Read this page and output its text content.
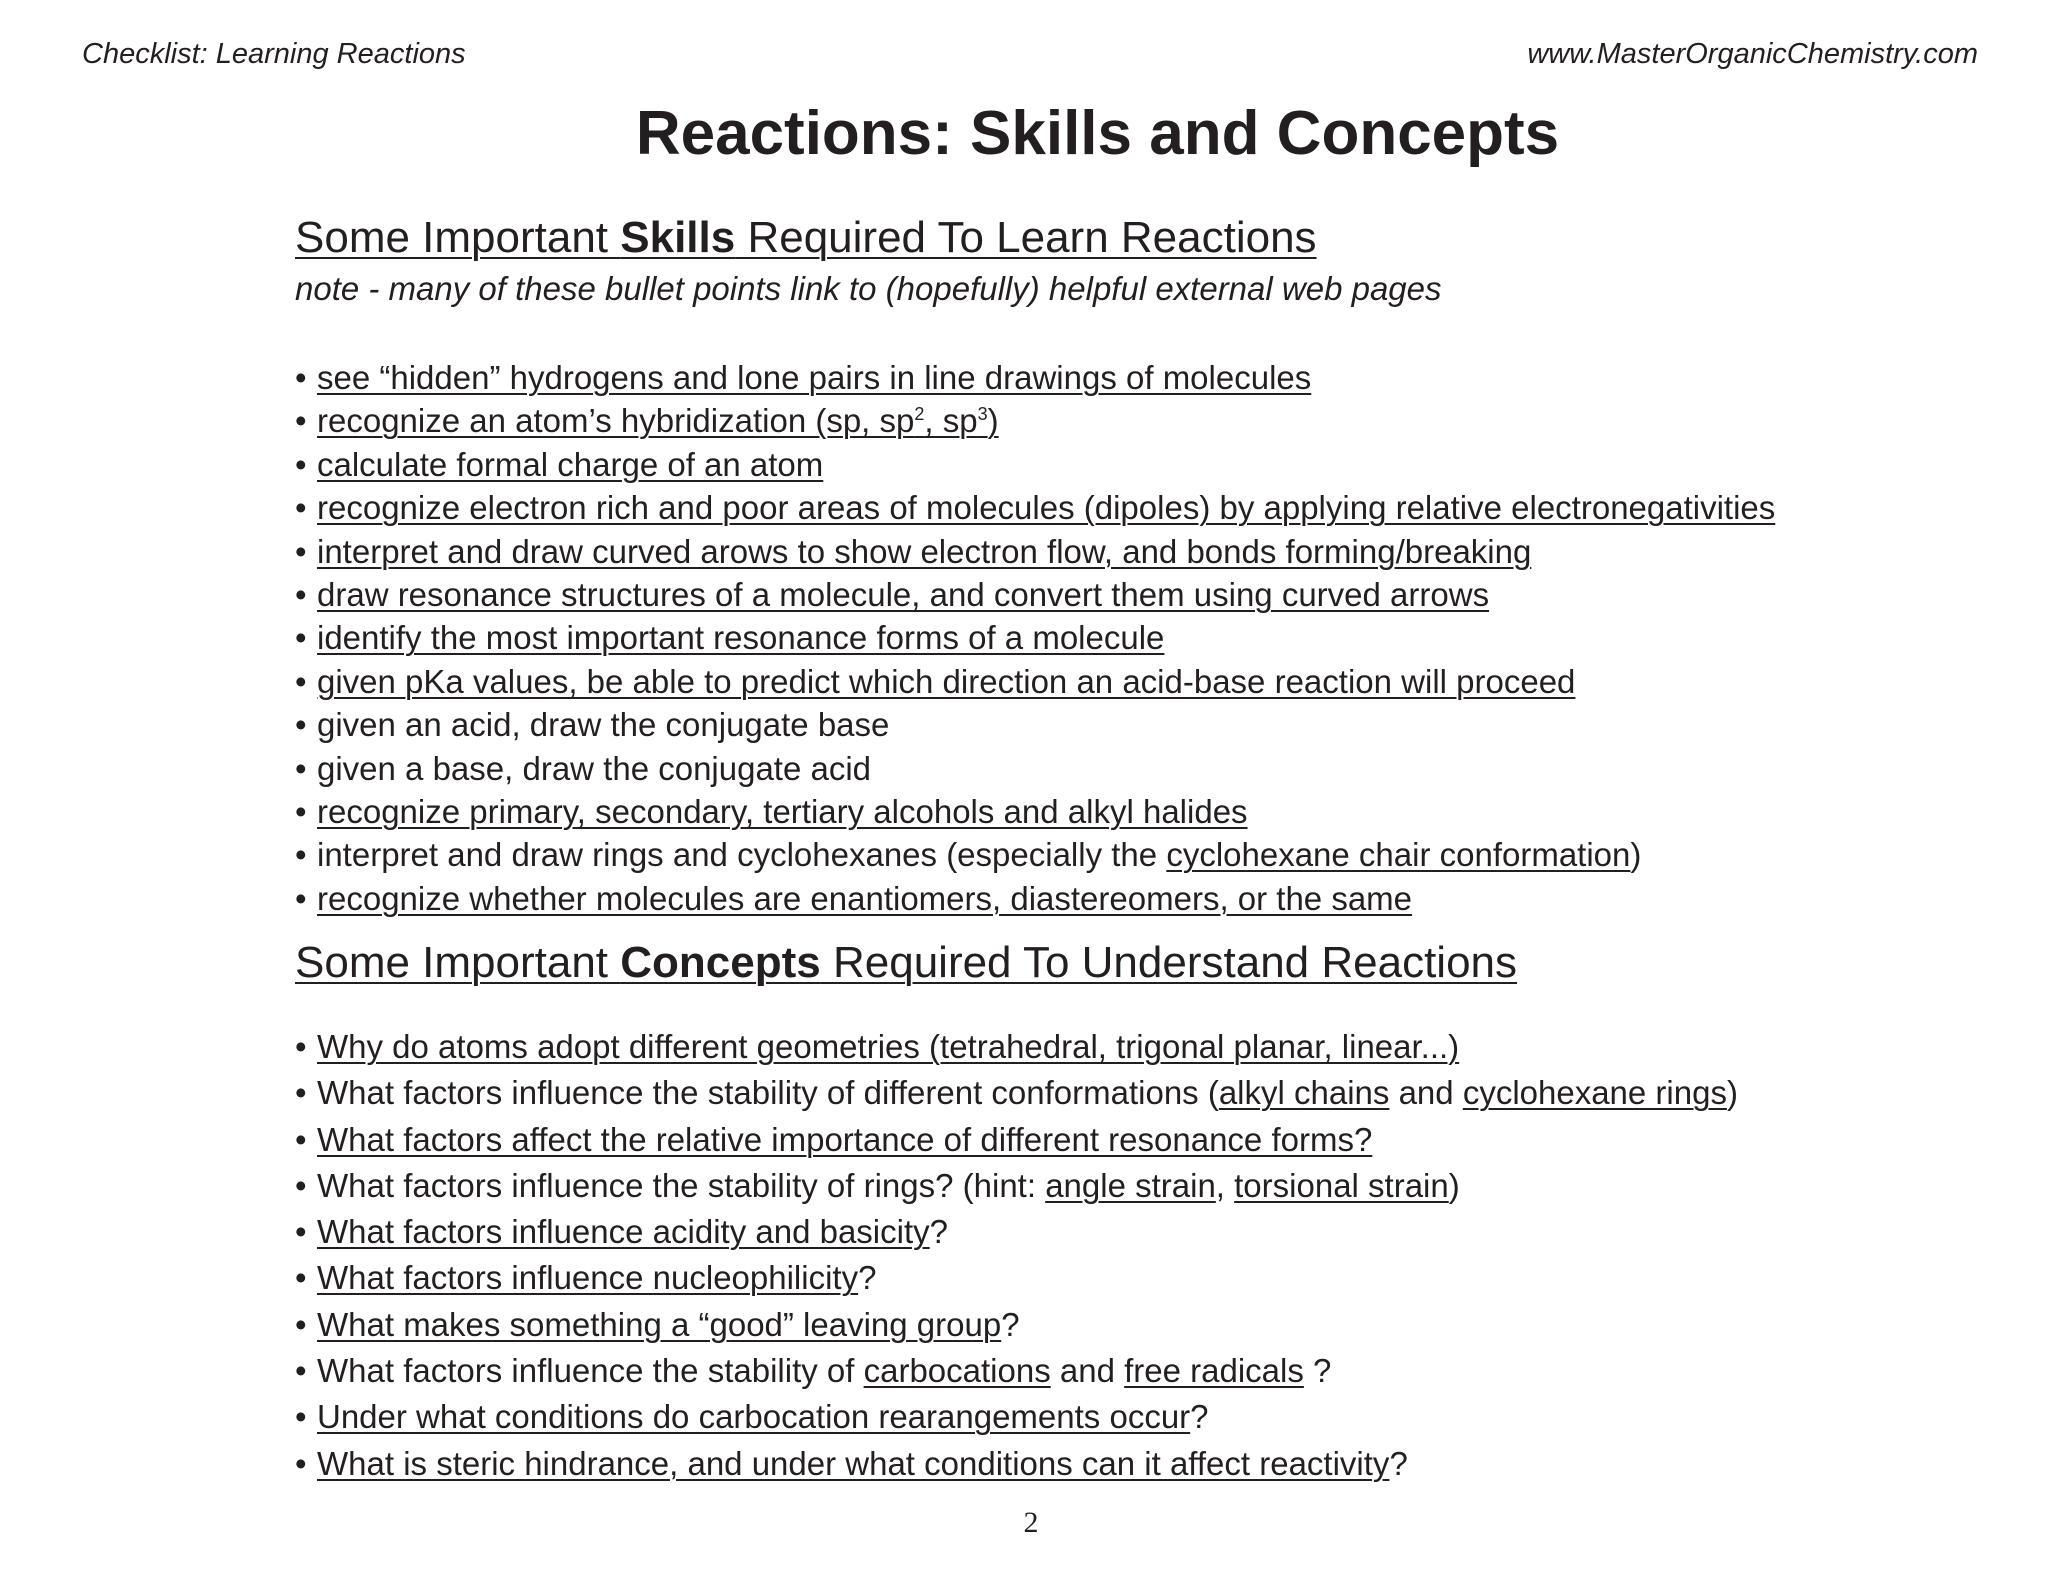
Checklist: Learning Reactions	www.MasterOrganicChemistry.com
Reactions: Skills and Concepts
Some Important Skills Required To Learn Reactions
note - many of these bullet points link to (hopefully) helpful external web pages
• see “hidden” hydrogens and lone pairs in line drawings of molecules
• recognize an atom’s hybridization (sp, $sp^2$, $sp^3$)
• calculate formal charge of an atom
• recognize electron rich and poor areas of molecules (dipoles) by applying relative electronegativities
• interpret and draw curved arows to show electron flow, and bonds forming/breaking
• draw resonance structures of a molecule, and convert them using curved arrows
• identify the most important resonance forms of a molecule
• given pKa values, be able to predict which direction an acid-base reaction will proceed
• given an acid, draw the conjugate base
• given a base, draw the conjugate acid
• recognize primary, secondary, tertiary alcohols and alkyl halides
• interpret and draw rings and cyclohexanes (especially the cyclohexane chair conformation)
• recognize whether molecules are enantiomers, diastereomers, or the same
Some Important Concepts Required To Understand Reactions
• Why do atoms adopt different geometries (tetrahedral, trigonal planar, linear...)
• What factors influence the stability of different conformations (alkyl chains and cyclohexane rings)
• What factors affect the relative importance of different resonance forms?
• What factors influence the stability of rings? (hint: angle strain, torsional strain)
• What factors influence acidity and basicity?
• What factors influence nucleophilicity?
• What makes something a “good” leaving group?
• What factors influence the stability of carbocations and free radicals ?
• Under what conditions do carbocation rearangements occur?
• What is steric hindrance, and under what conditions can it affect reactivity?
2
